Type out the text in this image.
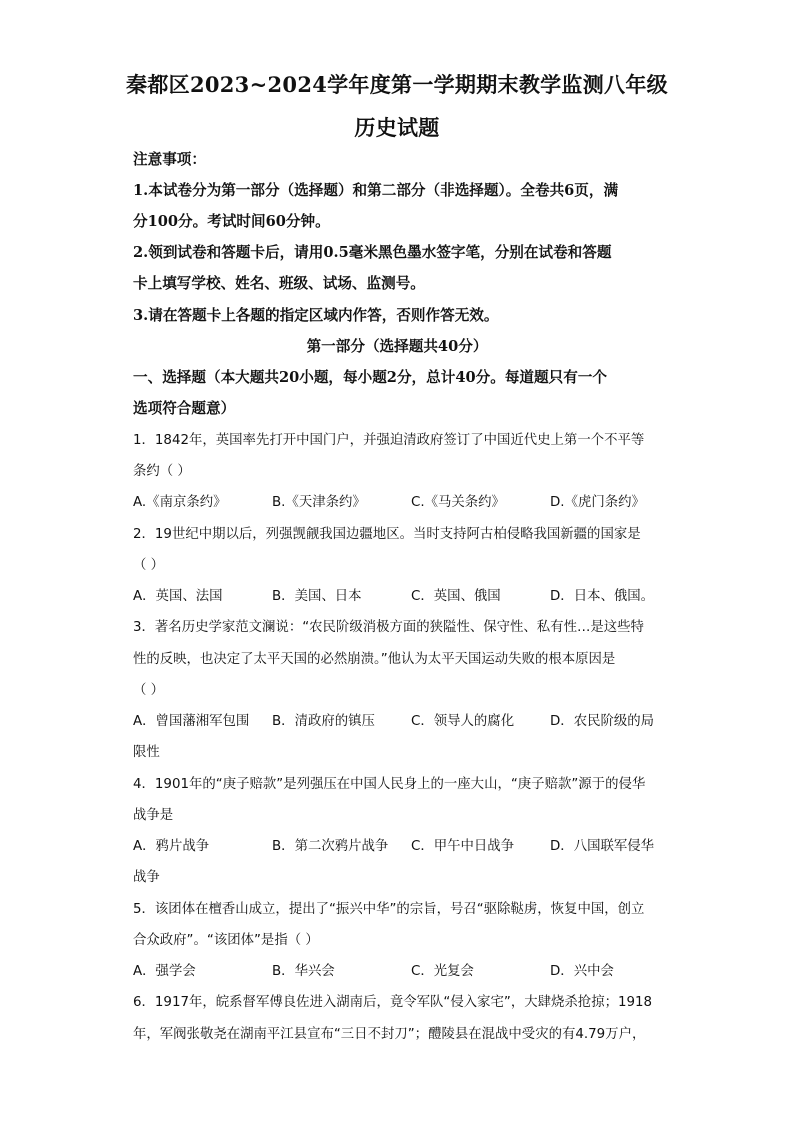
秦都区2023~2024学年度第一学期期末教学监测八年级
历史试题
注意事项：
1.本试卷分为第一部分（选择题）和第二部分（非选择题）。全卷共6页，满
分100分。考试时间60分钟。
2.领到试卷和答题卡后，请用0.5毫米黑色墨水签字笔，分别在试卷和答题
卡上填写学校、姓名、班级、试场、监测号。
3.请在答题卡上各题的指定区域内作答，否则作答无效。
第一部分（选择题共40分）
一、选择题（本大题共20小题，每小题2分，总计40分。每道题只有一个
选项符合题意）
1．1842年，英国率先打开中国门户，并强迫清政府签订了中国近代史上第一个不平等
条约（ ）
A.《南京条约》	B.《天津条约》	C.《马关条约》	D.《虎门条约》
2．19世纪中期以后，列强觊觎我国边疆地区。当时支持阿古柏侵略我国新疆的国家是
（ ）
A．英国、法国	B．美国、日本	C．英国、俄国	D．日本、俄国。
3．著名历史学家范文澜说：“农民阶级消极方面的狭隘性、保守性、私有性…是这些特
性的反映，也决定了太平天国的必然崩溃。”他认为太平天国运动失败的根本原因是
（ ）
A．曾国藩湘军包围 B．清政府的镇压	C．领导人的腐化	D．农民阶级的局
限性
4．1901年的“庚子赔款”是列强压在中国人民身上的一座大山，“庚子赔款”源于的侵华
战争是
A．鸦片战争	B．第二次鸦片战争 C．甲午中日战争	D．八国联军侵华
战争
5．该团体在檀香山成立，提出了“振兴中华”的宗旨，号召“驱除鞑虏，恢复中国，创立
合众政府”。“该团体”是指（ ）
A．强学会	B．华兴会	C．光复会	D．兴中会
6．1917年，皖系督军傅良佐进入湖南后，竟令军队“侵入家宅”，大肆烧杀抢掠；1918
年，军阀张敬尧在湖南平江县宣布“三日不封刀”；醴陵县在混战中受灾的有4.79万户，
